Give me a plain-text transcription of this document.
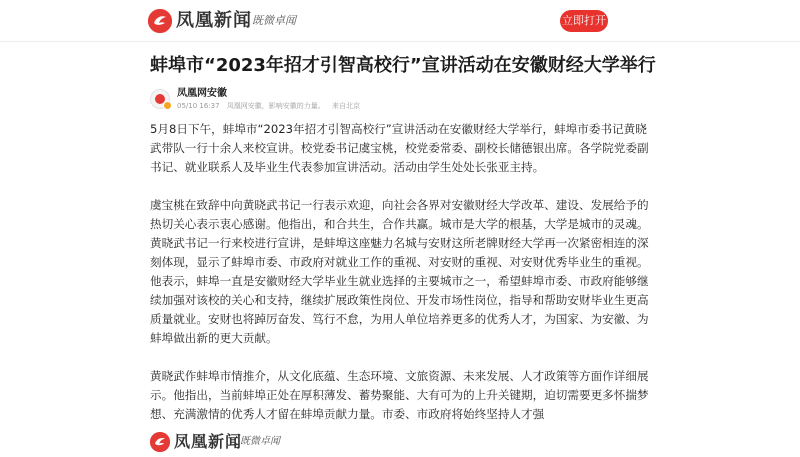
凤凰新闻 既微卓闻	立即打开
蚌埠市“2023年招才引智高校行”宣讲活动在安徽财经大学举行
凤凰网安徽
05/10 16:37 凤凰网安徽，影响安徽的力量。 来自北京

5月8日下午，蚌埠市“2023年招才引智高校行”宣讲活动在安徽财经大学举行，蚌埠市委书记黄晓武带队一行十余人来校宣讲。校党委书记虞宝桃，校党委常委、副校长储德银出席。各学院党委副书记、就业联系人及毕业生代表参加宣讲活动。活动由学生处处长张亚主持。

虞宝桃在致辞中向黄晓武书记一行表示欢迎，向社会各界对安徽财经大学改革、建设、发展给予的热切关心表示衷心感谢。他指出，和合共生，合作共赢。城市是大学的根基，大学是城市的灵魂。黄晓武书记一行来校进行宣讲，是蚌埠这座魅力名城与安财这所老牌财经大学再一次紧密相连的深刻体现，显示了蚌埠市委、市政府对就业工作的重视、对安财的重视、对安财优秀毕业生的重视。他表示，蚌埠一直是安徽财经大学毕业生就业选择的主要城市之一，希望蚌埠市委、市政府能够继续加强对该校的关心和支持，继续扩展政策性岗位、开发市场性岗位，指导和帮助安财毕业生更高质量就业。安财也将踔厉奋发、笃行不怠，为用人单位培养更多的优秀人才，为国家、为安徽、为蚌埠做出新的更大贡献。

黄晓武作蚌埠市情推介，从文化底蕴、生态环境、文旅资源、未来发展、人才政策等方面作详细展示。他指出，当前蚌埠正处在厚积薄发、蓄势聚能、大有可为的上升关键期，迫切需要更多怀揣梦想、充满激情的优秀人才留在蚌埠贡献力量。市委、市政府将始终坚持人才强

凤凰新闻
既微卓闻
